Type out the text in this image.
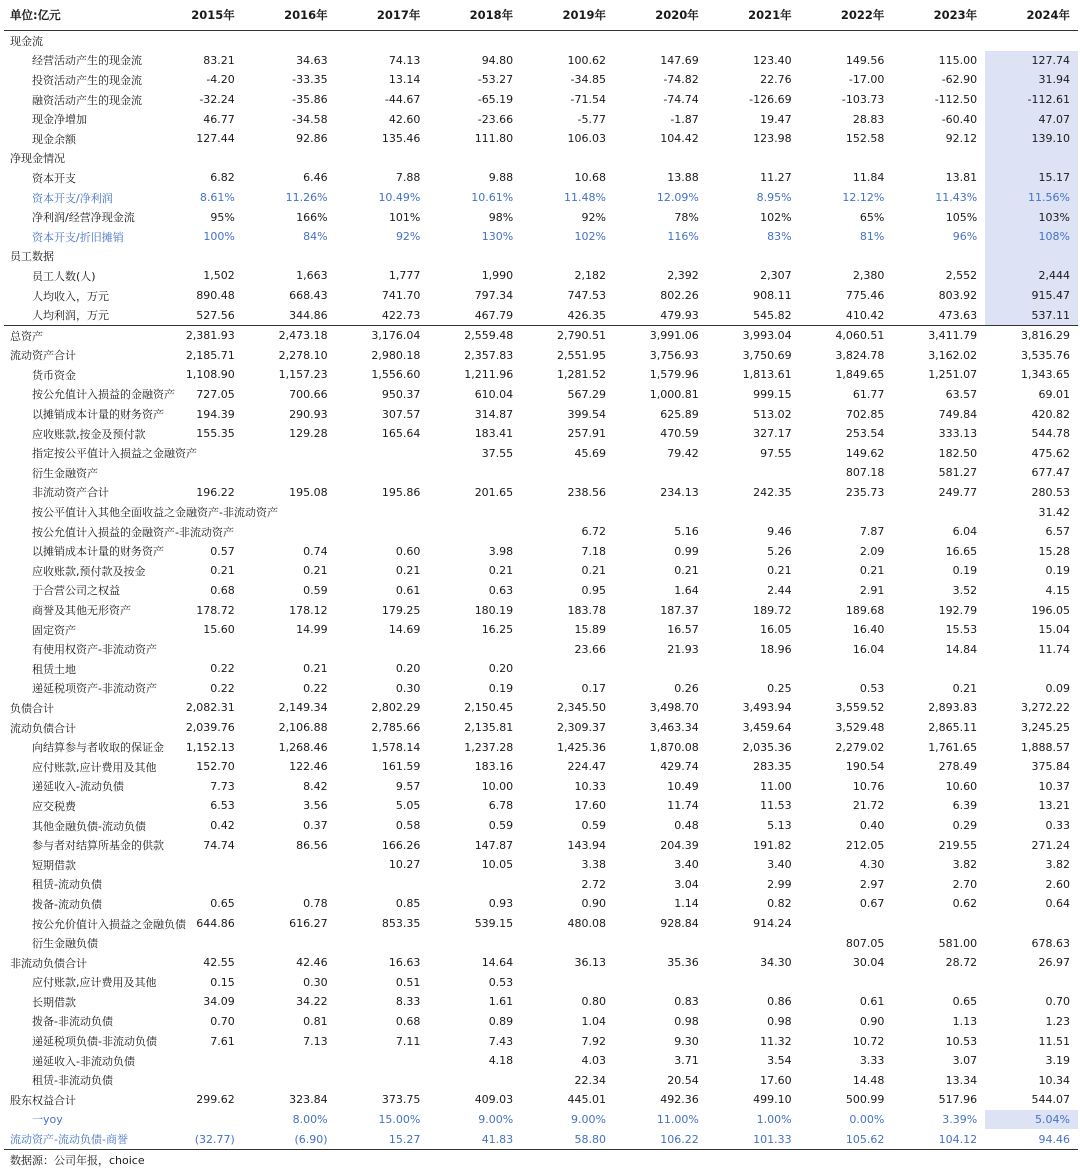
单位:亿元	2015年	2016年	2017年	2018年	2019年	2020年	2021年	2022年	2023年	2024年
现金流										
经营活动产生的现金流	83.21	34.63	74.13	94.80	100.62	147.69	123.40	149.56	115.00	127.74
投资活动产生的现金流	-4.20	-33.35	13.14	-53.27	-34.85	-74.82	22.76	-17.00	-62.90	31.94
融资活动产生的现金流	-32.24	-35.86	-44.67	-65.19	-71.54	-74.74	-126.69	-103.73	-112.50	-112.61
现金净增加	46.77	-34.58	42.60	-23.66	-5.77	-1.87	19.47	28.83	-60.40	47.07
现金余额	127.44	92.86	135.46	111.80	106.03	104.42	123.98	152.58	92.12	139.10
净现金情况										
资本开支	6.82	6.46	7.88	9.88	10.68	13.88	11.27	11.84	13.81	15.17
资本开支/净利润	8.61%	11.26%	10.49%	10.61%	11.48%	12.09%	8.95%	12.12%	11.43%	11.56%
净利润/经营净现金流	95%	166%	101%	98%	92%	78%	102%	65%	105%	103%
资本开支/折旧摊销	100%	84%	92%	130%	102%	116%	83%	81%	96%	108%
员工数据										
员工人数(人)	1,502	1,663	1,777	1,990	2,182	2,392	2,307	2,380	2,552	2,444
人均收入，万元	890.48	668.43	741.70	797.34	747.53	802.26	908.11	775.46	803.92	915.47
人均利润，万元	527.56	344.86	422.73	467.79	426.35	479.93	545.82	410.42	473.63	537.11
总资产	2,381.93	2,473.18	3,176.04	2,559.48	2,790.51	3,991.06	3,993.04	4,060.51	3,411.79	3,816.29
流动资产合计	2,185.71	2,278.10	2,980.18	2,357.83	2,551.95	3,756.93	3,750.69	3,824.78	3,162.02	3,535.76
货币资金	1,108.90	1,157.23	1,556.60	1,211.96	1,281.52	1,579.96	1,813.61	1,849.65	1,251.07	1,343.65
按公允值计入损益的金融资产	727.05	700.66	950.37	610.04	567.29	1,000.81	999.15	61.77	63.57	69.01
以摊销成本计量的财务资产	194.39	290.93	307.57	314.87	399.54	625.89	513.02	702.85	749.84	420.82
应收账款,按金及预付款	155.35	129.28	165.64	183.41	257.91	470.59	327.17	253.54	333.13	544.78
指定按公平值计入损益之金融资产				37.55	45.69	79.42	97.55	149.62	182.50	475.62
衍生金融资产								807.18	581.27	677.47
非流动资产合计	196.22	195.08	195.86	201.65	238.56	234.13	242.35	235.73	249.77	280.53
按公平值计入其他全面收益之金融资产-非流动资产										31.42
按公允值计入损益的金融资产-非流动资产					6.72	5.16	9.46	7.87	6.04	6.57
以摊销成本计量的财务资产	0.57	0.74	0.60	3.98	7.18	0.99	5.26	2.09	16.65	15.28
应收账款,预付款及按金	0.21	0.21	0.21	0.21	0.21	0.21	0.21	0.21	0.19	0.19
于合营公司之权益	0.68	0.59	0.61	0.63	0.95	1.64	2.44	2.91	3.52	4.15
商誉及其他无形资产	178.72	178.12	179.25	180.19	183.78	187.37	189.72	189.68	192.79	196.05
固定资产	15.60	14.99	14.69	16.25	15.89	16.57	16.05	16.40	15.53	15.04
有使用权资产-非流动资产					23.66	21.93	18.96	16.04	14.84	11.74
租赁土地	0.22	0.21	0.20	0.20						
递延税项资产-非流动资产	0.22	0.22	0.30	0.19	0.17	0.26	0.25	0.53	0.21	0.09
负债合计	2,082.31	2,149.34	2,802.29	2,150.45	2,345.50	3,498.70	3,493.94	3,559.52	2,893.83	3,272.22
流动负债合计	2,039.76	2,106.88	2,785.66	2,135.81	2,309.37	3,463.34	3,459.64	3,529.48	2,865.11	3,245.25
向结算参与者收取的保证金	1,152.13	1,268.46	1,578.14	1,237.28	1,425.36	1,870.08	2,035.36	2,279.02	1,761.65	1,888.57
应付账款,应计费用及其他	152.70	122.46	161.59	183.16	224.47	429.74	283.35	190.54	278.49	375.84
递延收入-流动负债	7.73	8.42	9.57	10.00	10.33	10.49	11.00	10.76	10.60	10.37
应交税费	6.53	3.56	5.05	6.78	17.60	11.74	11.53	21.72	6.39	13.21
其他金融负债-流动负债	0.42	0.37	0.58	0.59	0.59	0.48	5.13	0.40	0.29	0.33
参与者对结算所基金的供款	74.74	86.56	166.26	147.87	143.94	204.39	191.82	212.05	219.55	271.24
短期借款			10.27	10.05	3.38	3.40	3.40	4.30	3.82	3.82
租赁-流动负债					2.72	3.04	2.99	2.97	2.70	2.60
拨备-流动负债	0.65	0.78	0.85	0.93	0.90	1.14	0.82	0.67	0.62	0.64
按公允价值计入损益之金融负债	644.86	616.27	853.35	539.15	480.08	928.84	914.24			
衍生金融负债								807.05	581.00	678.63
非流动负债合计	42.55	42.46	16.63	14.64	36.13	35.36	34.30	30.04	28.72	26.97
应付账款,应计费用及其他	0.15	0.30	0.51	0.53						
长期借款	34.09	34.22	8.33	1.61	0.80	0.83	0.86	0.61	0.65	0.70
拨备-非流动负债	0.70	0.81	0.68	0.89	1.04	0.98	0.98	0.90	1.13	1.23
递延税项负债-非流动负债	7.61	7.13	7.11	7.43	7.92	9.30	11.32	10.72	10.53	11.51
递延收入-非流动负债				4.18	4.03	3.71	3.54	3.33	3.07	3.19
租赁-非流动负债					22.34	20.54	17.60	14.48	13.34	10.34
股东权益合计	299.62	323.84	373.75	409.03	445.01	492.36	499.10	500.99	517.96	544.07
一yoy		8.00%	15.00%	9.00%	9.00%	11.00%	1.00%	0.00%	3.39%	5.04%
流动资产-流动负债-商誉	(32.77)	(6.90)	15.27	41.83	58.80	106.22	101.33	105.62	104.12	94.46
数据源：公司年报，choice
